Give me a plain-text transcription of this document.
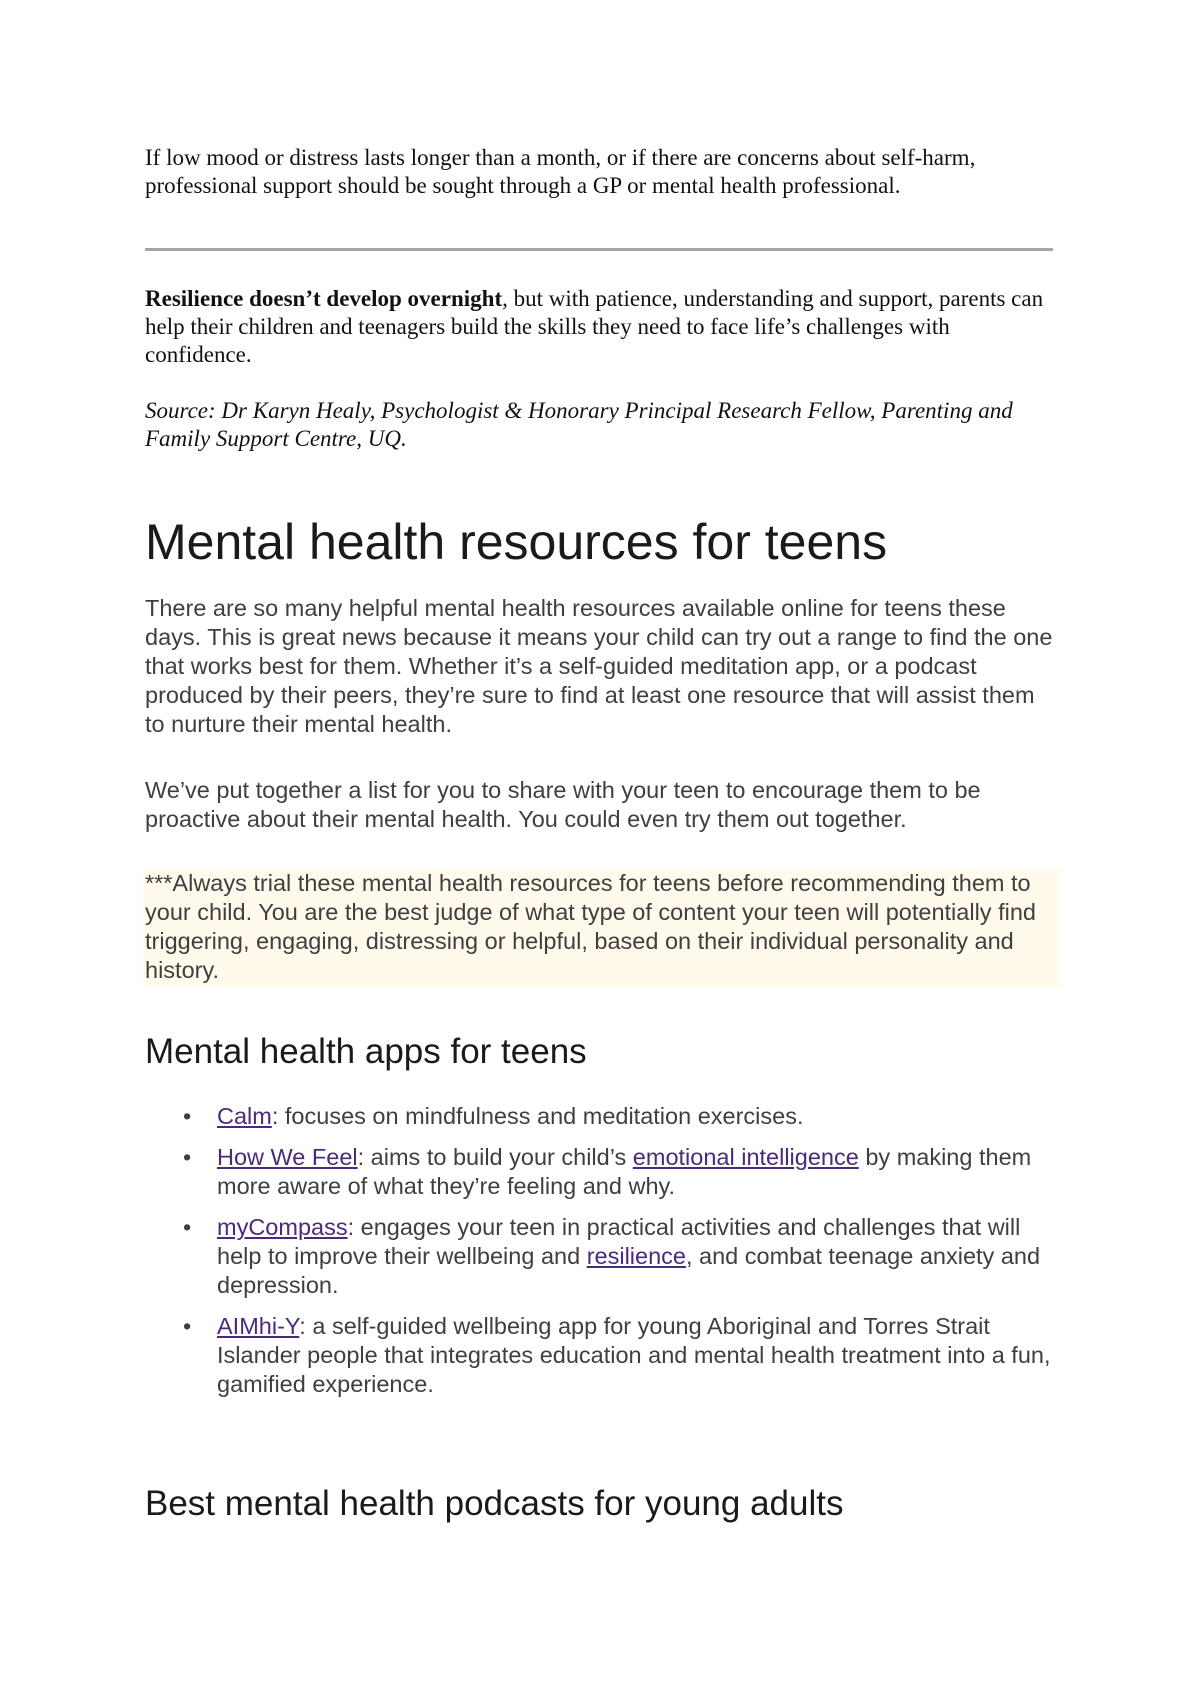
If low mood or distress lasts longer than a month, or if there are concerns about self-harm, professional support should be sought through a GP or mental health professional.

Resilience doesn’t develop overnight, but with patience, understanding and support, parents can help their children and teenagers build the skills they need to face life’s challenges with confidence.

Source: Dr Karyn Healy, Psychologist & Honorary Principal Research Fellow, Parenting and Family Support Centre, UQ.

Mental health resources for teens

There are so many helpful mental health resources available online for teens these days. This is great news because it means your child can try out a range to find the one that works best for them. Whether it’s a self-guided meditation app, or a podcast produced by their peers, they’re sure to find at least one resource that will assist them to nurture their mental health.

We’ve put together a list for you to share with your teen to encourage them to be proactive about their mental health. You could even try them out together.

***Always trial these mental health resources for teens before recommending them to your child. You are the best judge of what type of content your teen will potentially find triggering, engaging, distressing or helpful, based on their individual personality and history.

Mental health apps for teens
• Calm: focuses on mindfulness and meditation exercises.
• How We Feel: aims to build your child’s emotional intelligence by making them more aware of what they’re feeling and why.
• myCompass: engages your teen in practical activities and challenges that will help to improve their wellbeing and resilience, and combat teenage anxiety and depression.
• AIMhi-Y: a self-guided wellbeing app for young Aboriginal and Torres Strait Islander people that integrates education and mental health treatment into a fun, gamified experience.
Best mental health podcasts for young adults
